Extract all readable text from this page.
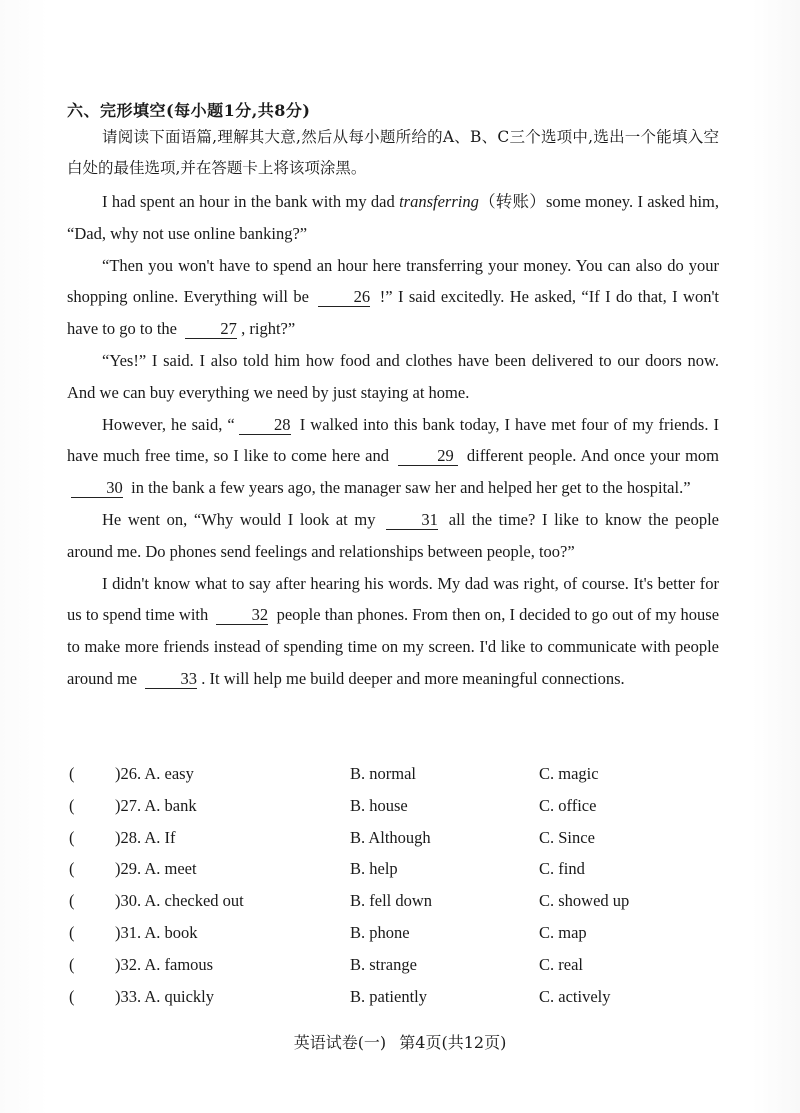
六、完形填空(每小题1分,共8分)
请阅读下面语篇,理解其大意,然后从每小题所给的A、B、C三个选项中,选出一个能填入空白处的最佳选项,并在答题卡上将该项涂黑。

I had spent an hour in the bank with my dad transferring（转账）some money. I asked him, “Dad, why not use online banking?”

“Then you won't have to spend an hour here transferring your money. You can also do your shopping online. Everything will be	26 !” I said excitedly. He asked, “If I do that, I won't have to go to the	27 , right?”

“Yes!” I said. I also told him how food and clothes have been delivered to our doors now. And we can buy everything we need by just staying at home.

However, he said, “ 28 I walked into this bank today, I have met four of my friends. I have much free time, so I like to come here and	29 different people. And once your mom 30 in the bank a few years ago, the manager saw her and helped her get to the hospital.”

He went on, “Why would I look at my	31 all the time? I like to know the people around me. Do phones send feelings and relationships between people, too?”

I didn't know what to say after hearing his words. My dad was right, of course. It's better for us to spend time with	32 people than phones. From then on, I decided to go out of my house to make more friends instead of spending time on my screen. I'd like to communicate with people around me	33 . It will help me build deeper and more meaningful connections.

( )26. A. easy	B. normal	C. magic
( )27. A. bank	B. house	C. office
( )28. A. If	B. Although	C. Since
( )29. A. meet	B. help	C. find
( )30. A. checked out	B. fell down	C. showed up
( )31. A. book	B. phone	C. map
( )32. A. famous	B. strange	C. real
( )33. A. quickly	B. patiently	C. actively
英语试卷(一) 第4页(共12页)
